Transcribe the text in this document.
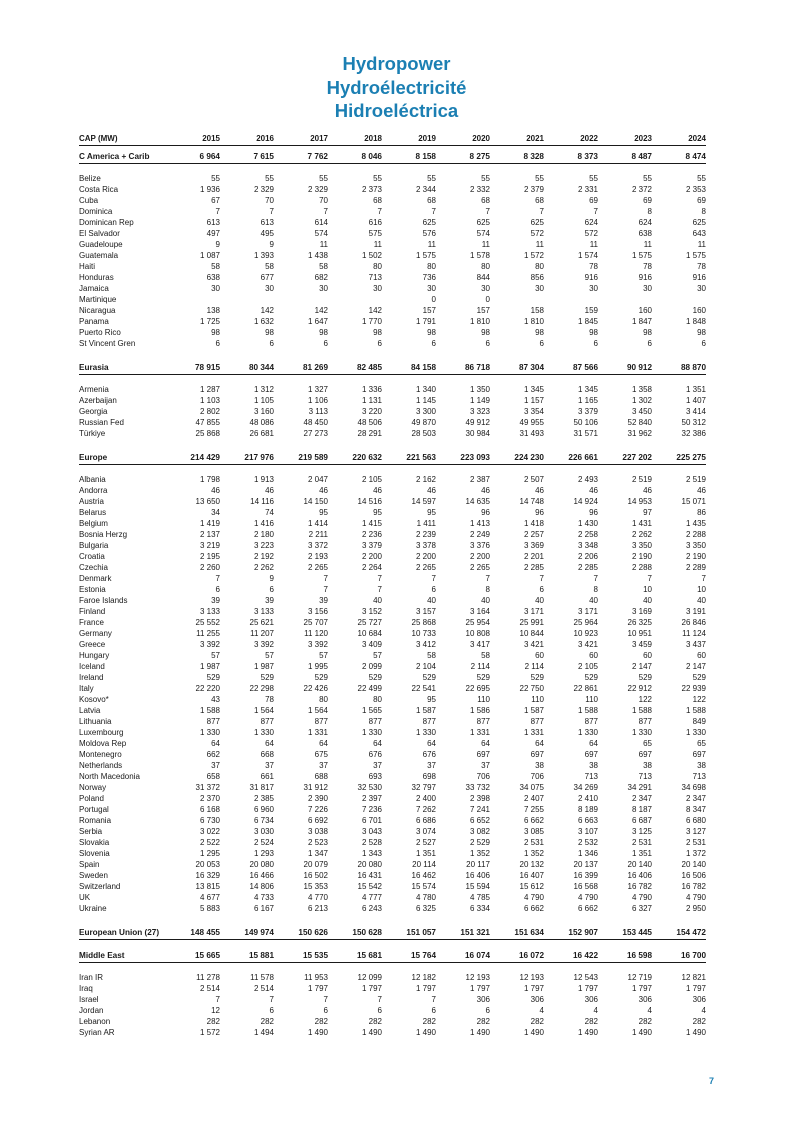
Hydropower
Hydroélectricité
Hidroeléctrica
CAP (MW)	2015	2016	2017	2018	2019	2020	2021	2022	2023	2024

C America + Carib	6 964	7 615	7 762	8 046	8 158	8 275	8 328	8 373	8 487	8 474

Belize	55	55	55	55	55	55	55	55	55	55
Costa Rica	1 936	2 329	2 329	2 373	2 344	2 332	2 379	2 331	2 372	2 353
Cuba	67	70	70	68	68	68	68	69	69	69
Dominica	7	7	7	7	7	7	7	7	8	8
Dominican Rep	613	613	614	616	625	625	625	624	624	625
El Salvador	497	495	574	575	576	574	572	572	638	643
Guadeloupe	9	9	11	11	11	11	11	11	11	11
Guatemala	1 087	1 393	1 438	1 502	1 575	1 578	1 572	1 574	1 575	1 575
Haiti	58	58	58	80	80	80	80	78	78	78
Honduras	638	677	682	713	736	844	856	916	916	916
Jamaica	30	30	30	30	30	30	30	30	30	30
Martinique					0	0				
Nicaragua	138	142	142	142	157	157	158	159	160	160
Panama	1 725	1 632	1 647	1 770	1 791	1 810	1 810	1 845	1 847	1 848
Puerto Rico	98	98	98	98	98	98	98	98	98	98
St Vincent Gren	6	6	6	6	6	6	6	6	6	6

Eurasia	78 915	80 344	81 269	82 485	84 158	86 718	87 304	87 566	90 912	88 870

Armenia	1 287	1 312	1 327	1 336	1 340	1 350	1 345	1 345	1 358	1 351
Azerbaijan	1 103	1 105	1 106	1 131	1 145	1 149	1 157	1 165	1 302	1 407
Georgia	2 802	3 160	3 113	3 220	3 300	3 323	3 354	3 379	3 450	3 414
Russian Fed	47 855	48 086	48 450	48 506	49 870	49 912	49 955	50 106	52 840	50 312
Türkiye	25 868	26 681	27 273	28 291	28 503	30 984	31 493	31 571	31 962	32 386

Europe	214 429	217 976	219 589	220 632	221 563	223 093	224 230	226 661	227 202	225 275

Albania	1 798	1 913	2 047	2 105	2 162	2 387	2 507	2 493	2 519	2 519
Andorra	46	46	46	46	46	46	46	46	46	46
Austria	13 650	14 116	14 150	14 516	14 597	14 635	14 748	14 924	14 953	15 071
Belarus	34	74	95	95	95	96	96	96	97	86
Belgium	1 419	1 416	1 414	1 415	1 411	1 413	1 418	1 430	1 431	1 435
Bosnia Herzg	2 137	2 180	2 211	2 236	2 239	2 249	2 257	2 258	2 262	2 288
Bulgaria	3 219	3 223	3 372	3 379	3 378	3 376	3 369	3 348	3 350	3 350
Croatia	2 195	2 192	2 193	2 200	2 200	2 200	2 201	2 206	2 190	2 190
Czechia	2 260	2 262	2 265	2 264	2 265	2 265	2 285	2 285	2 288	2 289
Denmark	7	9	7	7	7	7	7	7	7	7
Estonia	6	6	7	7	6	8	6	8	10	10
Faroe Islands	39	39	39	40	40	40	40	40	40	40
Finland	3 133	3 133	3 156	3 152	3 157	3 164	3 171	3 171	3 169	3 191
France	25 552	25 621	25 707	25 727	25 868	25 954	25 991	25 964	26 325	26 846
Germany	11 255	11 207	11 120	10 684	10 733	10 808	10 844	10 923	10 951	11 124
Greece	3 392	3 392	3 392	3 409	3 412	3 417	3 421	3 421	3 459	3 437
Hungary	57	57	57	57	58	58	60	60	60	60
Iceland	1 987	1 987	1 995	2 099	2 104	2 114	2 114	2 105	2 147	2 147
Ireland	529	529	529	529	529	529	529	529	529	529
Italy	22 220	22 298	22 426	22 499	22 541	22 695	22 750	22 861	22 912	22 939
Kosovo*	43	78	80	80	95	110	110	110	122	122
Latvia	1 588	1 564	1 564	1 565	1 587	1 586	1 587	1 588	1 588	1 588
Lithuania	877	877	877	877	877	877	877	877	877	849
Luxembourg	1 330	1 330	1 331	1 330	1 330	1 331	1 331	1 330	1 330	1 330
Moldova Rep	64	64	64	64	64	64	64	64	65	65
Montenegro	662	668	675	676	676	697	697	697	697	697
Netherlands	37	37	37	37	37	37	38	38	38	38
North Macedonia	658	661	688	693	698	706	706	713	713	713
Norway	31 372	31 817	31 912	32 530	32 797	33 732	34 075	34 269	34 291	34 698
Poland	2 370	2 385	2 390	2 397	2 400	2 398	2 407	2 410	2 347	2 347
Portugal	6 168	6 960	7 226	7 236	7 262	7 241	7 255	8 189	8 187	8 347
Romania	6 730	6 734	6 692	6 701	6 686	6 652	6 662	6 663	6 687	6 680
Serbia	3 022	3 030	3 038	3 043	3 074	3 082	3 085	3 107	3 125	3 127
Slovakia	2 522	2 524	2 523	2 528	2 527	2 529	2 531	2 532	2 531	2 531
Slovenia	1 295	1 293	1 347	1 343	1 351	1 352	1 352	1 346	1 351	1 372
Spain	20 053	20 080	20 079	20 080	20 114	20 117	20 132	20 137	20 140	20 140
Sweden	16 329	16 466	16 502	16 431	16 462	16 406	16 407	16 399	16 406	16 506
Switzerland	13 815	14 806	15 353	15 542	15 574	15 594	15 612	16 568	16 782	16 782
UK	4 677	4 733	4 770	4 777	4 780	4 785	4 790	4 790	4 790	4 790
Ukraine	5 883	6 167	6 213	6 243	6 325	6 334	6 662	6 662	6 327	2 950

European Union (27)	148 455	149 974	150 626	150 628	151 057	151 321	151 634	152 907	153 445	154 472

Middle East	15 665	15 881	15 535	15 681	15 764	16 074	16 072	16 422	16 598	16 700

Iran IR	11 278	11 578	11 953	12 099	12 182	12 193	12 193	12 543	12 719	12 821
Iraq	2 514	2 514	1 797	1 797	1 797	1 797	1 797	1 797	1 797	1 797
Israel	7	7	7	7	7	306	306	306	306	306
Jordan	12	6	6	6	6	6	4	4	4	4
Lebanon	282	282	282	282	282	282	282	282	282	282
Syrian AR	1 572	1 494	1 490	1 490	1 490	1 490	1 490	1 490	1 490	1 490

7
